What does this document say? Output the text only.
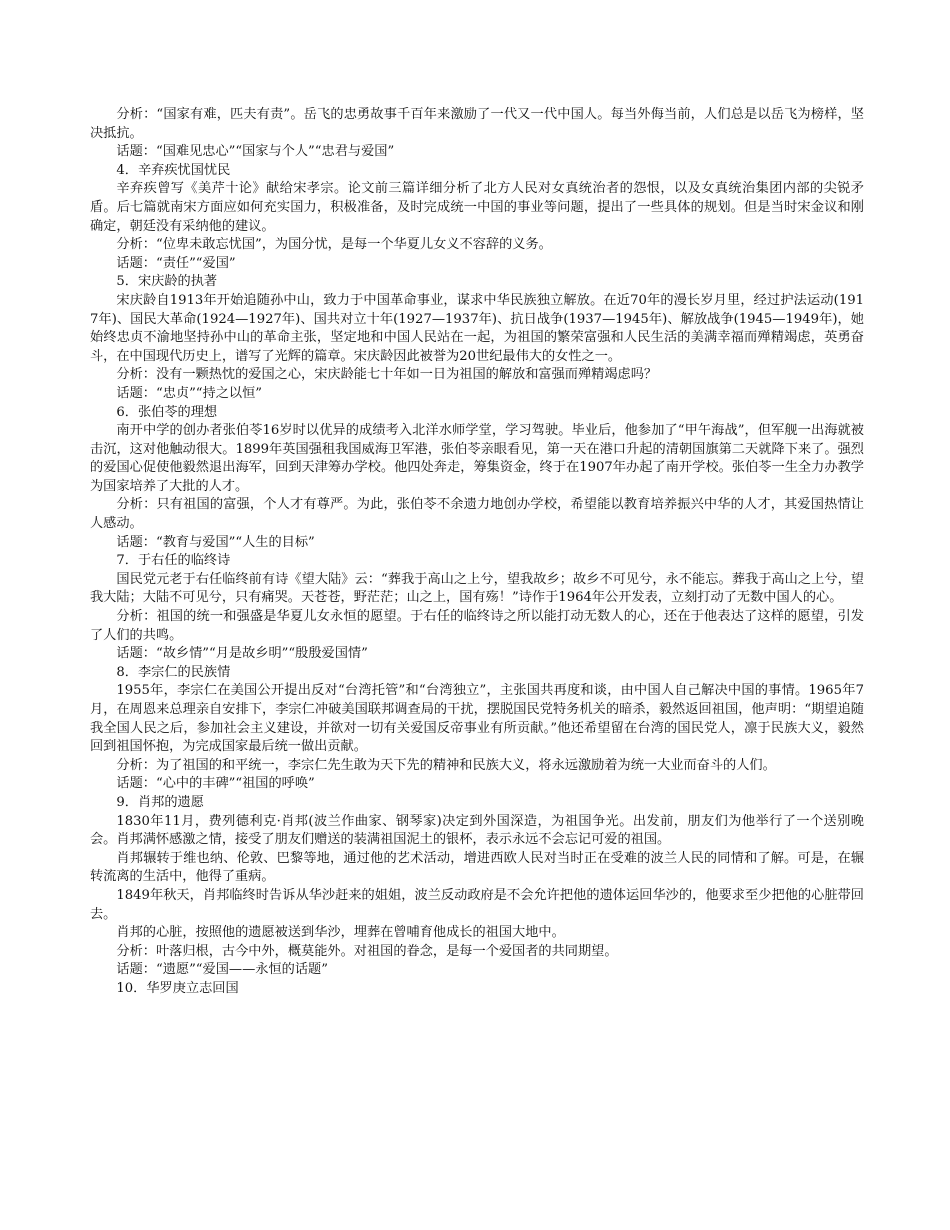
分析：“国家有难，匹夫有责”。岳飞的忠勇故事千百年来激励了一代又一代中国人。每当外侮当前，人们总是以岳飞为榜样，坚决抵抗。

话题：“国难见忠心”“国家与个人”“忠君与爱国”

4．辛弃疾忧国忧民

辛弃疾曾写《美芹十论》献给宋孝宗。论文前三篇详细分析了北方人民对女真统治者的怨恨，以及女真统治集团内部的尖锐矛盾。后七篇就南宋方面应如何充实国力，积极准备，及时完成统一中国的事业等问题，提出了一些具体的规划。但是当时宋金议和刚确定，朝廷没有采纳他的建议。

分析：“位卑未敢忘忧国”，为国分忧，是每一个华夏儿女义不容辞的义务。

话题：“责任”“爱国”

5．宋庆龄的执著

宋庆龄自1913年开始追随孙中山，致力于中国革命事业，谋求中华民族独立解放。在近70年的漫长岁月里，经过护法运动(1917年)、国民大革命(1924—1927年)、国共对立十年(1927—1937年)、抗日战争(1937—1945年)、解放战争(1945—1949年)，她始终忠贞不渝地坚持孙中山的革命主张，坚定地和中国人民站在一起，为祖国的繁荣富强和人民生活的美满幸福而殚精竭虑，英勇奋斗，在中国现代历史上，谱写了光辉的篇章。宋庆龄因此被誉为20世纪最伟大的女性之一。

分析：没有一颗热忱的爱国之心，宋庆龄能七十年如一日为祖国的解放和富强而殚精竭虑吗？

话题：“忠贞”“持之以恒”

6．张伯苓的理想

南开中学的创办者张伯苓16岁时以优异的成绩考入北洋水师学堂，学习驾驶。毕业后，他参加了“甲午海战”，但军舰一出海就被击沉，这对他触动很大。1899年英国强租我国威海卫军港，张伯苓亲眼看见，第一天在港口升起的清朝国旗第二天就降下来了。强烈的爱国心促使他毅然退出海军，回到天津筹办学校。他四处奔走，筹集资金，终于在1907年办起了南开学校。张伯苓一生全力办教学为国家培养了大批的人才。

分析：只有祖国的富强，个人才有尊严。为此，张伯苓不余遗力地创办学校，希望能以教育培养振兴中华的人才，其爱国热情让人感动。

话题：“教育与爱国”“人生的目标”

7．于右任的临终诗

国民党元老于右任临终前有诗《望大陆》云：“葬我于高山之上兮，望我故乡；故乡不可见兮，永不能忘。葬我于高山之上兮，望我大陆；大陆不可见兮，只有痛哭。天苍苍，野茫茫；山之上，国有殇！”诗作于1964年公开发表，立刻打动了无数中国人的心。

分析：祖国的统一和强盛是华夏儿女永恒的愿望。于右任的临终诗之所以能打动无数人的心，还在于他表达了这样的愿望，引发了人们的共鸣。

话题：“故乡情”“月是故乡明”“殷殷爱国情”

8．李宗仁的民族情

1955年，李宗仁在美国公开提出反对“台湾托管”和“台湾独立”，主张国共再度和谈，由中国人自己解决中国的事情。1965年7月，在周恩来总理亲自安排下，李宗仁冲破美国联邦调查局的干扰，摆脱国民党特务机关的暗杀，毅然返回祖国，他声明：“期望追随我全国人民之后，参加社会主义建设，并欲对一切有关爱国反帝事业有所贡献。”他还希望留在台湾的国民党人，凛于民族大义，毅然回到祖国怀抱，为完成国家最后统一做出贡献。

分析：为了祖国的和平统一，李宗仁先生敢为天下先的精神和民族大义，将永远激励着为统一大业而奋斗的人们。

话题：“心中的丰碑”“祖国的呼唤”

9．肖邦的遗愿

1830年11月，费列德利克·肖邦(波兰作曲家、钢琴家)决定到外国深造，为祖国争光。出发前，朋友们为他举行了一个送别晚会。肖邦满怀感激之情，接受了朋友们赠送的装满祖国泥土的银杯，表示永远不会忘记可爱的祖国。

肖邦辗转于维也纳、伦敦、巴黎等地，通过他的艺术活动，增进西欧人民对当时正在受难的波兰人民的同情和了解。可是，在辗转流离的生活中，他得了重病。

1849年秋天，肖邦临终时告诉从华沙赶来的姐姐，波兰反动政府是不会允许把他的遗体运回华沙的，他要求至少把他的心脏带回去。

肖邦的心脏，按照他的遗愿被送到华沙，埋葬在曾哺育他成长的祖国大地中。

分析：叶落归根，古今中外，概莫能外。对祖国的眷念，是每一个爱国者的共同期望。

话题：“遗愿”“爱国——永恒的话题”

10．华罗庚立志回国
